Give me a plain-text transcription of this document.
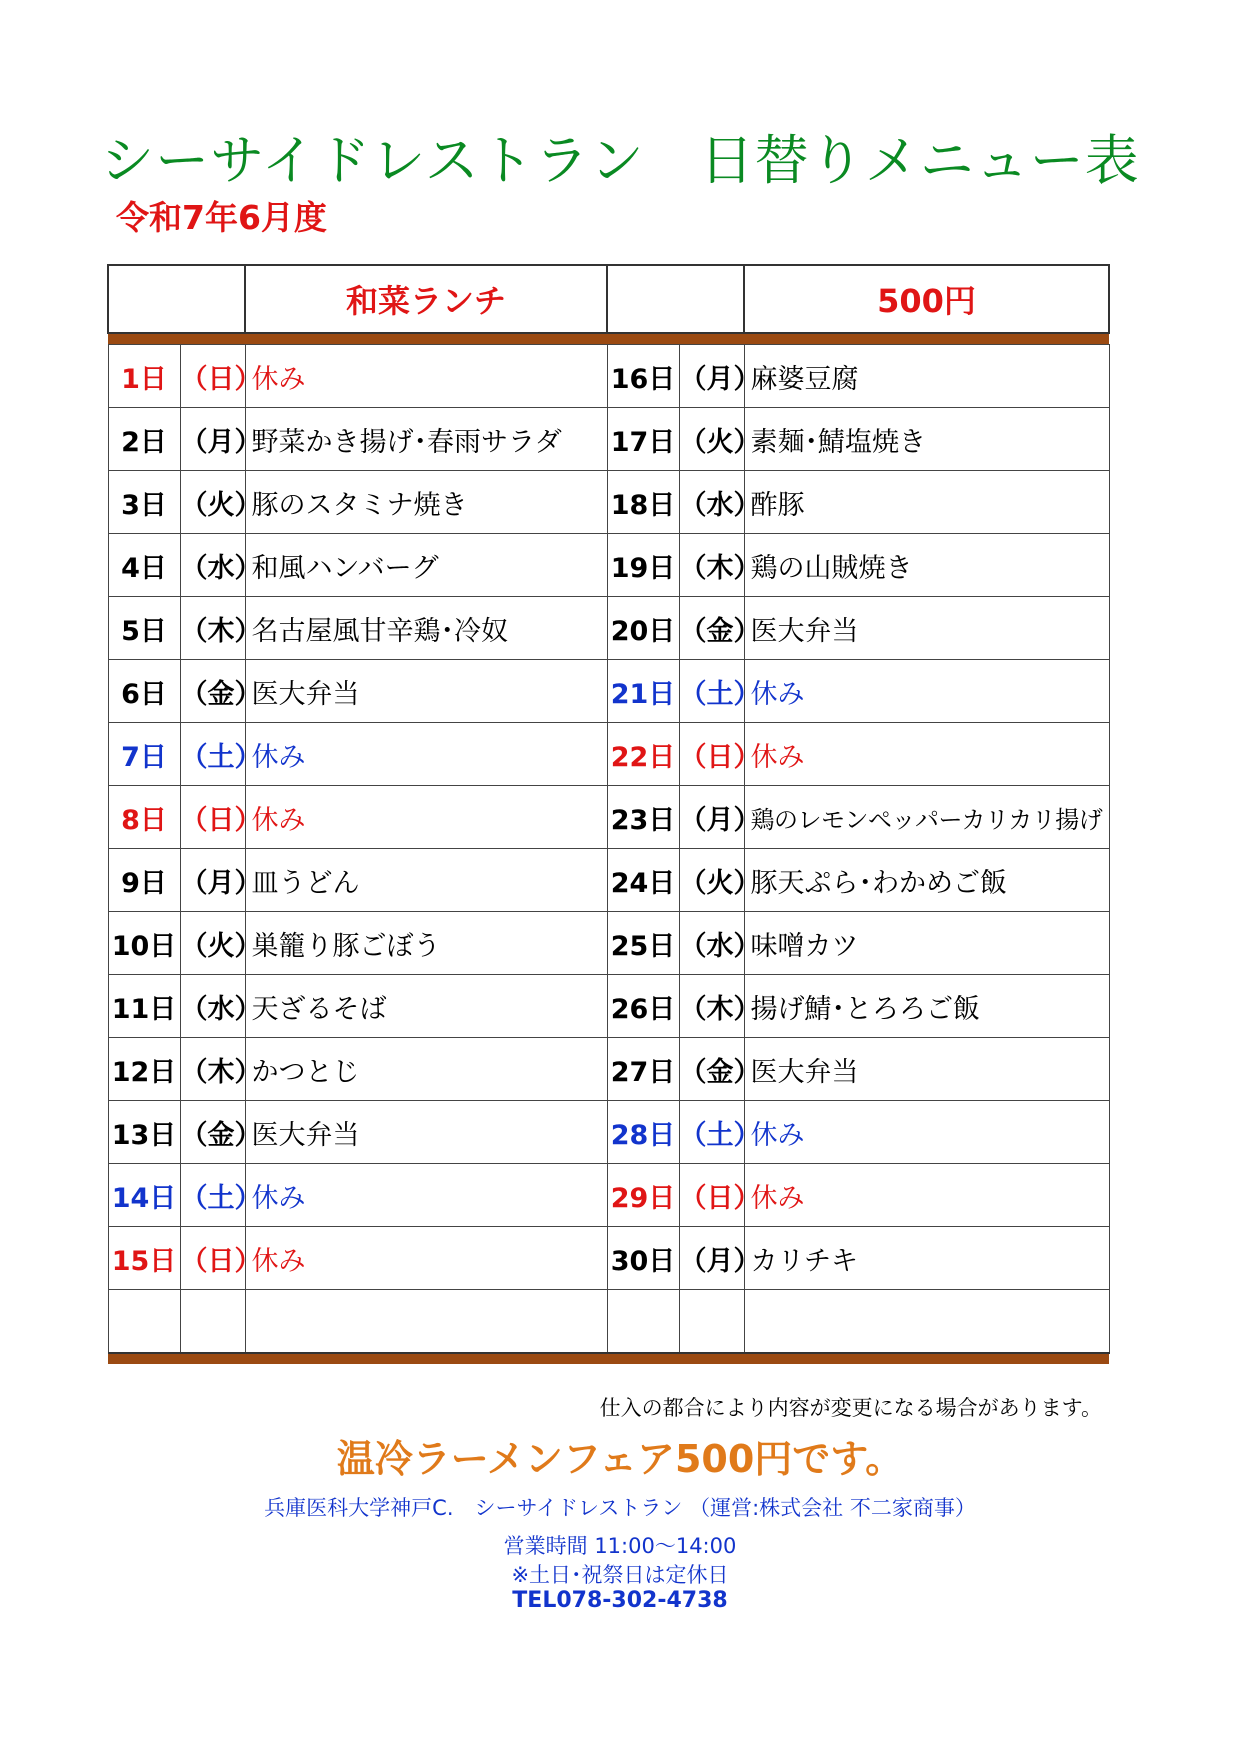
シーサイドレストラン　日替りメニュー表
令和7年6月度
		和菜ランチ			500円

1日	（日）	休み	16日	（月）	麻婆豆腐
2日	（月）	野菜かき揚げ･春雨サラダ	17日	（火）	素麺･鯖塩焼き
3日	（火）	豚のスタミナ焼き	18日	（水）	酢豚
4日	（水）	和風ハンバーグ	19日	（木）	鶏の山賊焼き
5日	（木）	名古屋風甘辛鶏･冷奴	20日	（金）	医大弁当
6日	（金）	医大弁当	21日	（土）	休み
7日	（土）	休み	22日	（日）	休み
8日	（日）	休み	23日	（月）	鶏のレモンペッパーカリカリ揚げ
9日	（月）	皿うどん	24日	（火）	豚天ぷら･わかめご飯
10日	（火）	巣籠り豚ごぼう	25日	（水）	味噌カツ
11日	（水）	天ざるそば	26日	（木）	揚げ鯖･とろろご飯
12日	（木）	かつとじ	27日	（金）	医大弁当
13日	（金）	医大弁当	28日	（土）	休み
14日	（土）	休み	29日	（日）	休み
15日	（日）	休み	30日	（月）	カリチキ

仕入の都合により内容が変更になる場合があります。
温冷ラーメンフェア500円です。
兵庫医科大学神戸C.　シーサイドレストラン （運営:株式会社 不二家商事）
営業時間 11:00～14:00
※土日･祝祭日は定休日
TEL078-302-4738
